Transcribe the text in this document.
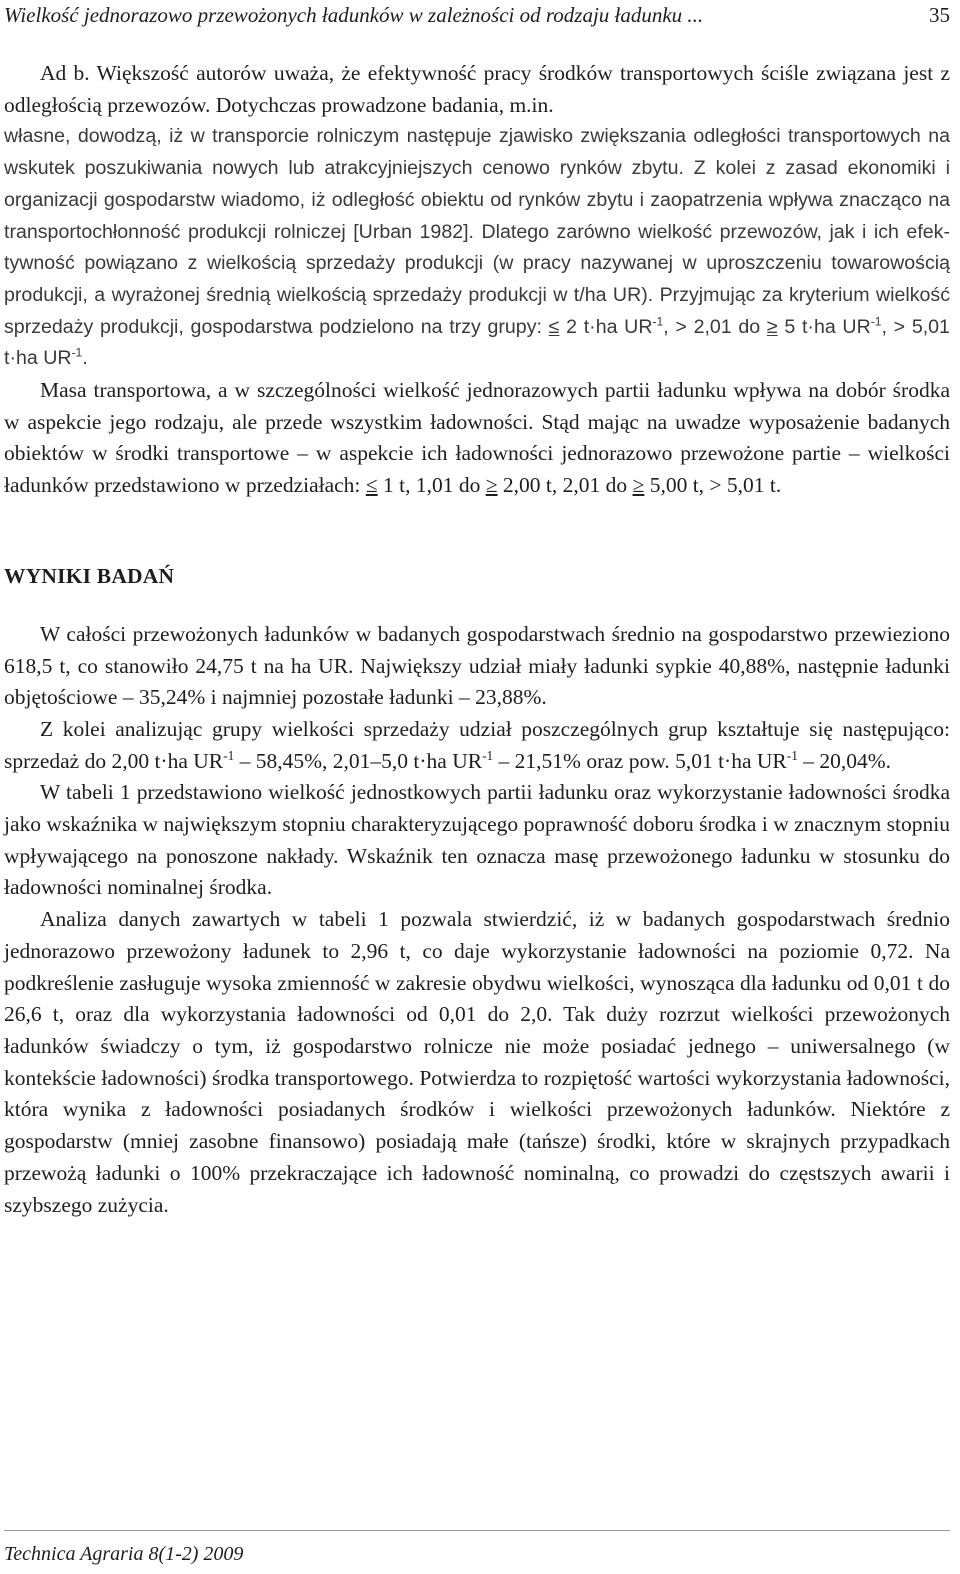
Wielkość jednorazowo przewożonych ładunków w zależności od rodzaju ładunku ...	35

Ad b. Większość autorów uważa, że efektywność pracy środków transportowych ściśle związana jest z odległością przewozów. Dotychczas prowadzone badania, m.in.

własne, dowodzą, iż w transporcie rolniczym następuje zjawisko zwiększania odległości transportowych na wskutek poszukiwania nowych lub atrakcyjniejszych cenowo rynków zbytu. Z kolei z zasad ekonomiki i organizacji gospodarstw wiadomo, iż odległość obiektu od rynków zbytu i zaopatrzenia wpływa znacząco na transportochłonność produkcji rolniczej [Urban 1982]. Dlatego zarówno wielkość przewozów, jak i ich efektywność powiązano z wielkością sprzedaży produkcji (w pracy nazywanej w uproszczeniu towarowością produkcji, a wyrażonej średnią wielkością sprzedaży produkcji w t/ha UR). Przyjmując za kryterium wielkość sprzedaży produkcji, gospodarstwa podzielono na trzy grupy: ≤ 2 t·ha $UR^{-1}$, > 2,01 do ≥ 5 t·ha $UR^{-1}$, > 5,01 t·ha $UR^{-1}$.

Masa transportowa, a w szczególności wielkość jednorazowych partii ładunku wpływa na dobór środka w aspekcie jego rodzaju, ale przede wszystkim ładowności. Stąd mając na uwadze wyposażenie badanych obiektów w środki transportowe – w aspekcie ich ładowności jednorazowo przewożone partie – wielkości ładunków przedstawiono w przedziałach: ≤ 1 t, 1,01 do ≥ 2,00 t, 2,01 do ≥ 5,00 t, > 5,01 t.

WYNIKI BADAŃ

W całości przewożonych ładunków w badanych gospodarstwach średnio na gospodarstwo przewieziono 618,5 t, co stanowiło 24,75 t na ha UR. Największy udział miały ładunki sypkie 40,88%, następnie ładunki objętościowe – 35,24% i najmniej pozostałe ładunki – 23,88%.

Z kolei analizując grupy wielkości sprzedaży udział poszczególnych grup kształtuje się następująco: sprzedaż do 2,00 t·ha $UR^{-1} - 58,45\%$, 2,01–5,0 t·ha $UR^{-1} - 21,51\%$ oraz pow. 5,01 t·ha $UR^{-1} - 20,04\%$.

W tabeli 1 przedstawiono wielkość jednostkowych partii ładunku oraz wykorzystanie ładowności środka jako wskaźnika w największym stopniu charakteryzującego poprawność doboru środka i w znacznym stopniu wpływającego na ponoszone nakłady. Wskaźnik ten oznacza masę przewożonego ładunku w stosunku do ładowności nominalnej środka.

Analiza danych zawartych w tabeli 1 pozwala stwierdzić, iż w badanych gospodarstwach średnio jednorazowo przewożony ładunek to 2,96 t, co daje wykorzystanie ładowności na poziomie 0,72. Na podkreślenie zasługuje wysoka zmienność w zakresie obydwu wielkości, wynosząca dla ładunku od 0,01 t do 26,6 t, oraz dla wykorzystania ładowności od 0,01 do 2,0. Tak duży rozrzut wielkości przewożonych ładunków świadczy o tym, iż gospodarstwo rolnicze nie może posiadać jednego – uniwersalnego (w kontekście ładowności) środka transportowego. Potwierdza to rozpiętość wartości wykorzystania ładowności, która wynika z ładowności posiadanych środków i wielkości przewożonych ładunków. Niektóre z gospodarstw (mniej zasobne finansowo) posiadają małe (tańsze) środki, które w skrajnych przypadkach przewożą ładunki o 100% przekraczające ich ładowność nominalną, co prowadzi do częstszych awarii i szybszego zużycia.

Technica Agraria 8(1-2) 2009
